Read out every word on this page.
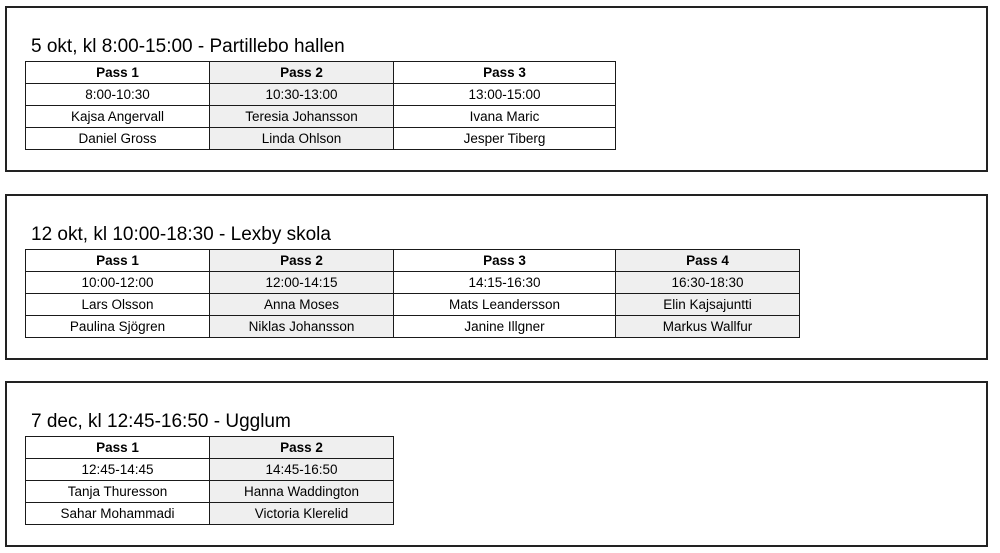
5 okt, kl 8:00-15:00 - Partillebo hallen
Pass 1	Pass 2	Pass 3
8:00-10:30	10:30-13:00	13:00-15:00
Kajsa Angervall	Teresia Johansson	Ivana Maric
Daniel Gross	Linda Ohlson	Jesper Tiberg
12 okt, kl 10:00-18:30 - Lexby skola
Pass 1	Pass 2	Pass 3	Pass 4
10:00-12:00	12:00-14:15	14:15-16:30	16:30-18:30
Lars Olsson	Anna Moses	Mats Leandersson	Elin Kajsajuntti
Paulina Sjögren	Niklas Johansson	Janine Illgner	Markus Wallfur
7 dec, kl 12:45-16:50 - Ugglum
Pass 1	Pass 2
12:45-14:45	14:45-16:50
Tanja Thuresson	Hanna Waddington
Sahar Mohammadi	Victoria Klerelid
